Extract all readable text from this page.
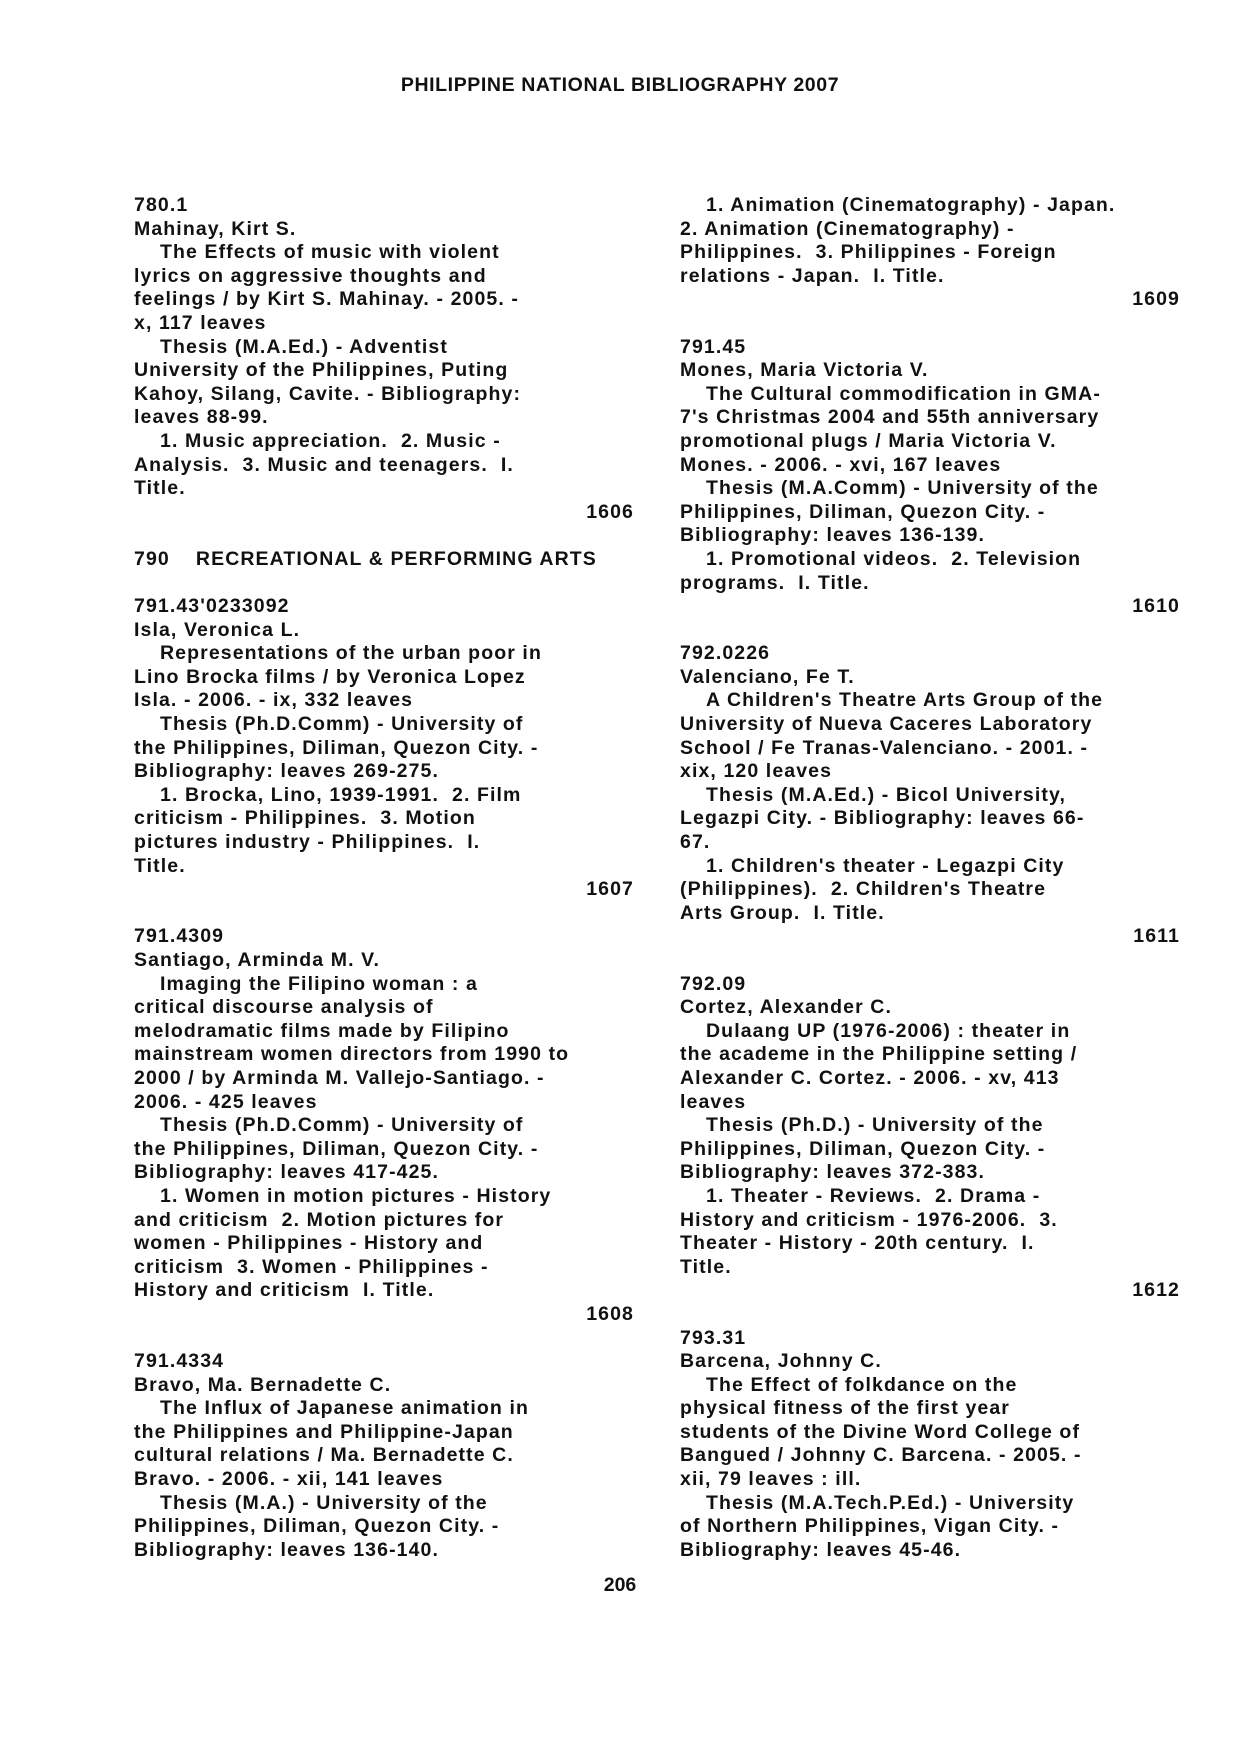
PHILIPPINE NATIONAL BIBLIOGRAPHY 2007
780.1
Mahinay, Kirt S.
The Effects of music with violent
lyrics on aggressive thoughts and
feelings / by Kirt S. Mahinay. - 2005. -
x, 117 leaves
Thesis (M.A.Ed.) - Adventist
University of the Philippines, Puting
Kahoy, Silang, Cavite. - Bibliography:
leaves 88-99.
1. Music appreciation.  2. Music -
Analysis.  3. Music and teenagers.  I.
Title.
1606
790    RECREATIONAL & PERFORMING ARTS
791.43'0233092
Isla, Veronica L.
Representations of the urban poor in
Lino Brocka films / by Veronica Lopez
Isla. - 2006. - ix, 332 leaves
Thesis (Ph.D.Comm) - University of
the Philippines, Diliman, Quezon City. -
Bibliography: leaves 269-275.
1. Brocka, Lino, 1939-1991.  2. Film
criticism - Philippines.  3. Motion
pictures industry - Philippines.  I.
Title.
1607
791.4309
Santiago, Arminda M. V.
Imaging the Filipino woman : a
critical discourse analysis of
melodramatic films made by Filipino
mainstream women directors from 1990 to
2000 / by Arminda M. Vallejo-Santiago. -
2006. - 425 leaves
Thesis (Ph.D.Comm) - University of
the Philippines, Diliman, Quezon City. -
Bibliography: leaves 417-425.
1. Women in motion pictures - History
and criticism  2. Motion pictures for
women - Philippines - History and
criticism  3. Women - Philippines -
History and criticism  I. Title.
1608
791.4334
Bravo, Ma. Bernadette C.
The Influx of Japanese animation in
the Philippines and Philippine-Japan
cultural relations / Ma. Bernadette C.
Bravo. - 2006. - xii, 141 leaves
Thesis (M.A.) - University of the
Philippines, Diliman, Quezon City. -
Bibliography: leaves 136-140.
1. Animation (Cinematography) - Japan.
2. Animation (Cinematography) -
Philippines.  3. Philippines - Foreign
relations - Japan.  I. Title.
1609
791.45
Mones, Maria Victoria V.
The Cultural commodification in GMA-
7's Christmas 2004 and 55th anniversary
promotional plugs / Maria Victoria V.
Mones. - 2006. - xvi, 167 leaves
Thesis (M.A.Comm) - University of the
Philippines, Diliman, Quezon City. -
Bibliography: leaves 136-139.
1. Promotional videos.  2. Television
programs.  I. Title.
1610
792.0226
Valenciano, Fe T.
A Children's Theatre Arts Group of the
University of Nueva Caceres Laboratory
School / Fe Tranas-Valenciano. - 2001. -
xix, 120 leaves
Thesis (M.A.Ed.) - Bicol University,
Legazpi City. - Bibliography: leaves 66-
67.
1. Children's theater - Legazpi City
(Philippines).  2. Children's Theatre
Arts Group.  I. Title.
1611
792.09
Cortez, Alexander C.
Dulaang UP (1976-2006) : theater in
the academe in the Philippine setting /
Alexander C. Cortez. - 2006. - xv, 413
leaves
Thesis (Ph.D.) - University of the
Philippines, Diliman, Quezon City. -
Bibliography: leaves 372-383.
1. Theater - Reviews.  2. Drama -
History and criticism - 1976-2006.  3.
Theater - History - 20th century.  I.
Title.
1612
793.31
Barcena, Johnny C.
The Effect of folkdance on the
physical fitness of the first year
students of the Divine Word College of
Bangued / Johnny C. Barcena. - 2005. -
xii, 79 leaves : ill.
Thesis (M.A.Tech.P.Ed.) - University
of Northern Philippines, Vigan City. -
Bibliography: leaves 45-46.
206
